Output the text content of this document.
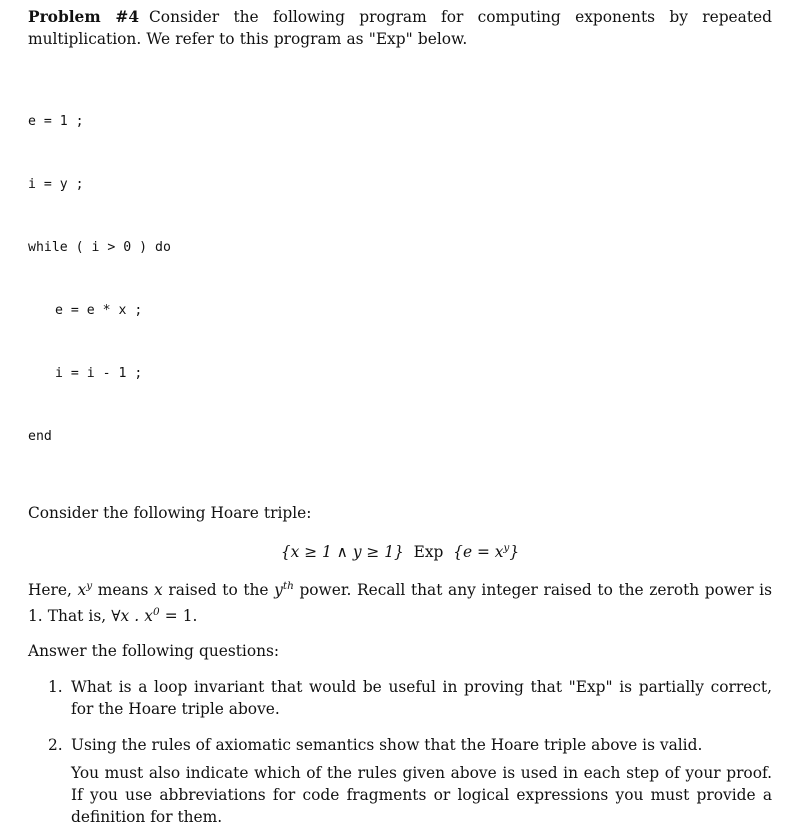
Problem #4 Consider the following program for computing exponents by repeated multiplication. We refer to this program as "Exp" below.

e = 1 ;

i = y ;

while ( i > 0 ) do

e = e * x ;

i = i - 1 ;

end

Consider the following Hoare triple:

{x ≥ 1 ∧ y ≥ 1} Exp $\{e = x^y\}$

Here, $x^y$ means x raised to the $y^{th}$ power. Recall that any integer raised to the zeroth power is 1. That is, ∀x . $x^0 = 1$.

Answer the following questions:

1. What is a loop invariant that would be useful in proving that "Exp" is partially correct, for the Hoare triple above.
2. Using the rules of axiomatic semantics show that the Hoare triple above is valid.
You must also indicate which of the rules given above is used in each step of your proof. If you use abbreviations for code fragments or logical expressions you must provide a definition for them.
